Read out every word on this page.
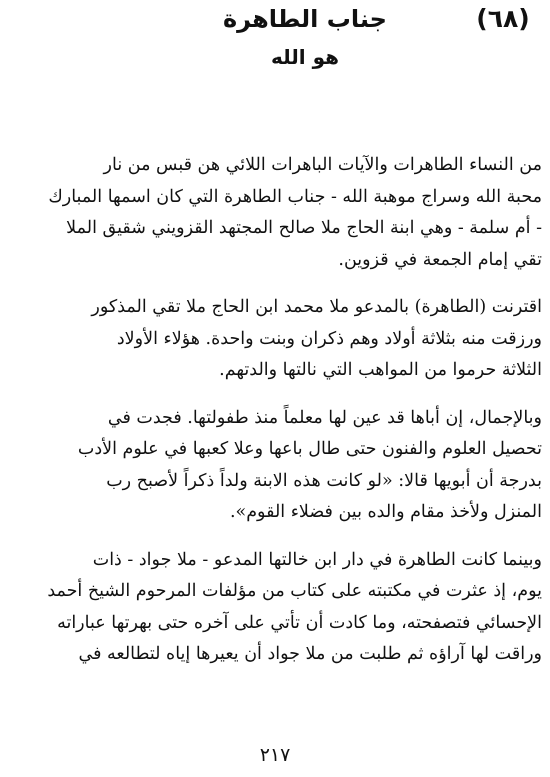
(٦٨)
جناب الطاهرة
هو الله

من النساء الطاهرات والآيات الباهرات اللائي هن قبس من نار
محبة الله وسراج موهبة الله - جناب الطاهرة التي كان اسمها المبارك
- أم سلمة - وهي ابنة الحاج ملا صالح المجتهد القزويني شقيق الملا
تقي إمام الجمعة في قزوين.

اقترنت (الطاهرة) بالمدعو ملا محمد ابن الحاج ملا تقي المذكور
ورزقت منه بثلاثة أولاد وهم ذكران وبنت واحدة. هؤلاء الأولاد
الثلاثة حرموا من المواهب التي نالتها والدتهم.

وبالإجمال، إن أباها قد عين لها معلماً منذ طفولتها. فجدت في
تحصيل العلوم والفنون حتى طال باعها وعلا كعبها في علوم الأدب
بدرجة أن أبويها قالا: «لو كانت هذه الابنة ولداً ذكراً لأصبح رب
المنزل ولأخذ مقام والده بين فضلاء القوم».

وبينما كانت الطاهرة في دار ابن خالتها المدعو - ملا جواد - ذات
يوم، إذ عثرت في مكتبته على كتاب من مؤلفات المرحوم الشيخ أحمد
الإحسائي فتصفحته، وما كادت أن تأتي على آخره حتى بهرتها عباراته
وراقت لها آراؤه ثم طلبت من ملا جواد أن يعيرها إياه لتطالعه في

٢١٧
